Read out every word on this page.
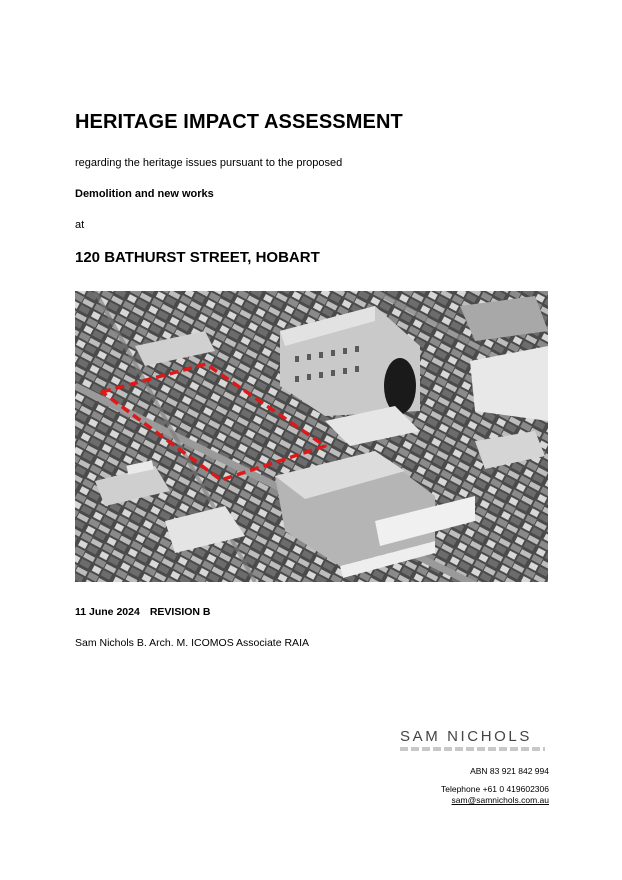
HERITAGE IMPACT ASSESSMENT
regarding the heritage issues pursuant to the proposed
Demolition and new works
at
120 BATHURST STREET, HOBART
11 June 2024 REVISION B
Sam Nichols B. Arch. M. ICOMOS Associate RAIA
SAM NICHOLS
ABN 83 921 842 994
Telephone +61 0 419602306
sam@samnichols.com.au
